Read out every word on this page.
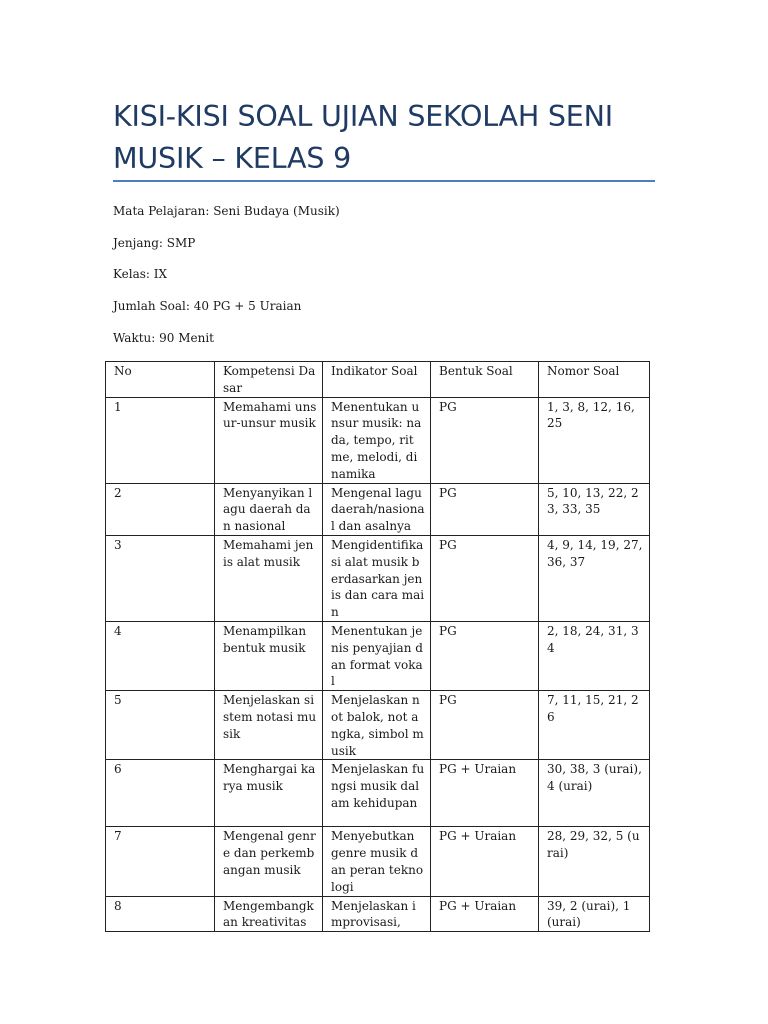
KISI-KISI SOAL UJIAN SEKOLAH SENI MUSIK – KELAS 9

Mata Pelajaran: Seni Budaya (Musik)

Jenjang: SMP

Kelas: IX

Jumlah Soal: 40 PG + 5 Uraian

Waktu: 90 Menit

No	Kompetensi Dasar	Indikator Soal	Bentuk Soal	Nomor Soal
1	Memahami unsur-unsur musik	Menentukan unsur musik: nada, tempo, ritme, melodi, dinamika	PG	1, 3, 8, 12, 16, 25
2	Menyanyikan lagu daerah dan nasional	Mengenal lagu daerah/nasional dan asalnya	PG	5, 10, 13, 22, 23, 33, 35
3	Memahami jenis alat musik	Mengidentifikasi alat musik berdasarkan jenis dan cara main	PG	4, 9, 14, 19, 27, 36, 37
4	Menampilkan bentuk musik	Menentukan jenis penyajian dan format vokal	PG	2, 18, 24, 31, 34
5	Menjelaskan sistem notasi musik	Menjelaskan not balok, not angka, simbol musik	PG	7, 11, 15, 21, 26
6	Menghargai karya musik	Menjelaskan fungsi musik dalam kehidupan	PG + Uraian	30, 38, 3 (urai), 4 (urai)
7	Mengenal genre dan perkembangan musik	Menyebutkan genre musik dan peran teknologi	PG + Uraian	28, 29, 32, 5 (urai)
8	Mengembangkan kreativitas	Menjelaskan improvisasi,	PG + Uraian	39, 2 (urai), 1 (urai)
